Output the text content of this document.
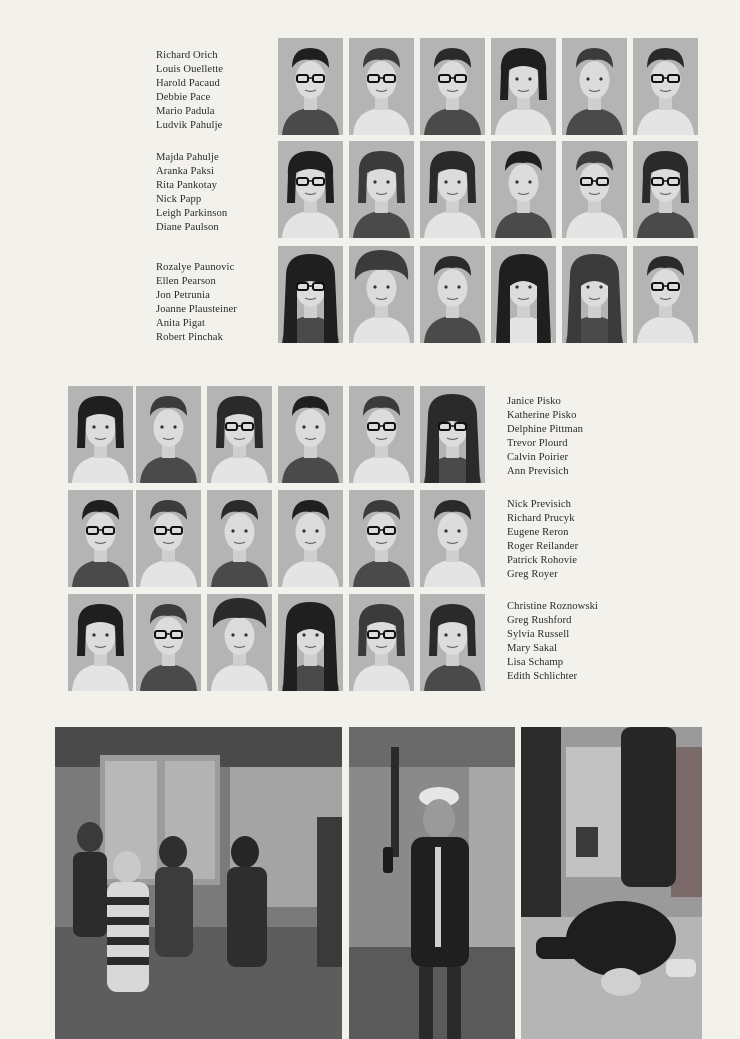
Richard Orich
Louis Ouellette
Harold Pacaud
Debbie Pace
Mario Padula
Ludvik Pahulje
Majda Pahulje
Aranka Paksi
Rita Pankotay
Nick Papp
Leigh Parkinson
Diane Paulson
Rozalye Paunovic
Ellen Pearson
Jon Petrunia
Joanne Plausteiner
Anita Pigat
Robert Pinchak
Janice Pisko
Katherine Pisko
Delphine Pittman
Trevor Plourd
Calvin Poirier
Ann Previsich
Nick Previsich
Richard Prucyk
Eugene Reron
Roger Reilander
Patrick Rohovie
Greg Royer
Christine Roznowski
Greg Rushford
Sylvia Russell
Mary Sakal
Lisa Schamp
Edith Schlichter
